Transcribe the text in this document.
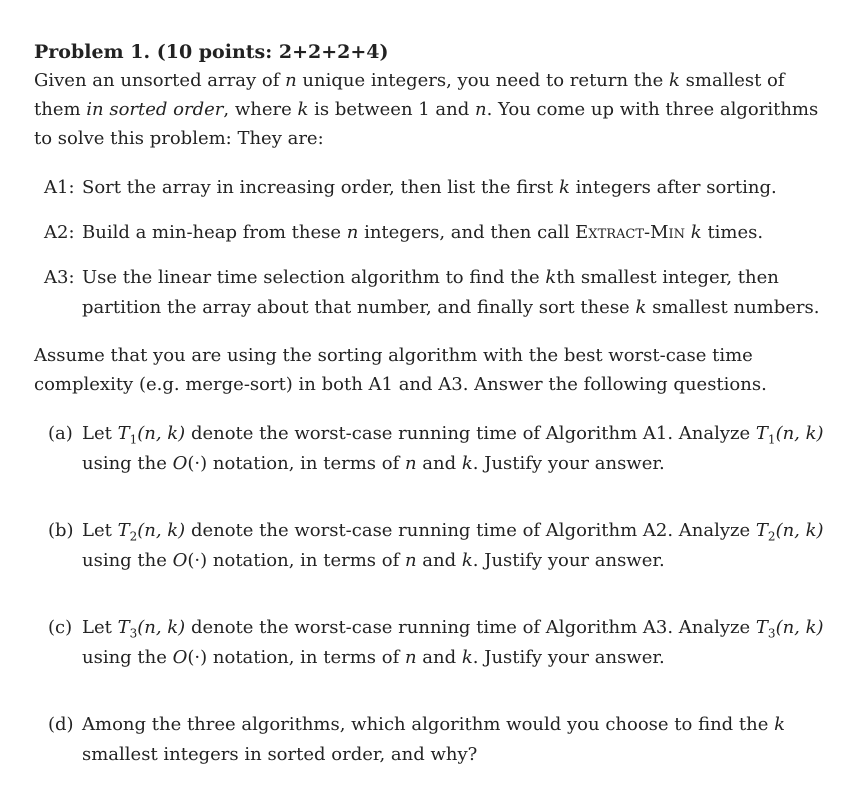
Problem 1. (10 points: 2+2+2+4)

Given an unsorted array of n unique integers, you need to return the k smallest of them in sorted order, where k is between 1 and n. You come up with three algorithms to solve this problem: They are:

A1: Sort the array in increasing order, then list the first k integers after sorting.
A2: Build a min-heap from these n integers, and then call Extract-Min k times.
A3: Use the linear time selection algorithm to find the kth smallest integer, then partition the array about that number, and finally sort these k smallest numbers.

Assume that you are using the sorting algorithm with the best worst-case time complexity (e.g. merge-sort) in both A1 and A3. Answer the following questions.

(a) Let $T_1(n$, k) denote the worst-case running time of Algorithm A1. Analyze $T_1(n$, k) using the O(·) notation, in terms of n and k. Justify your answer.
(b) Let $T_2(n$, k) denote the worst-case running time of Algorithm A2. Analyze $T_2(n$, k) using the O(·) notation, in terms of n and k. Justify your answer.
(c) Let $T_3(n$, k) denote the worst-case running time of Algorithm A3. Analyze $T_3(n$, k) using the O(·) notation, in terms of n and k. Justify your answer.
(d) Among the three algorithms, which algorithm would you choose to find the k smallest integers in sorted order, and why?
